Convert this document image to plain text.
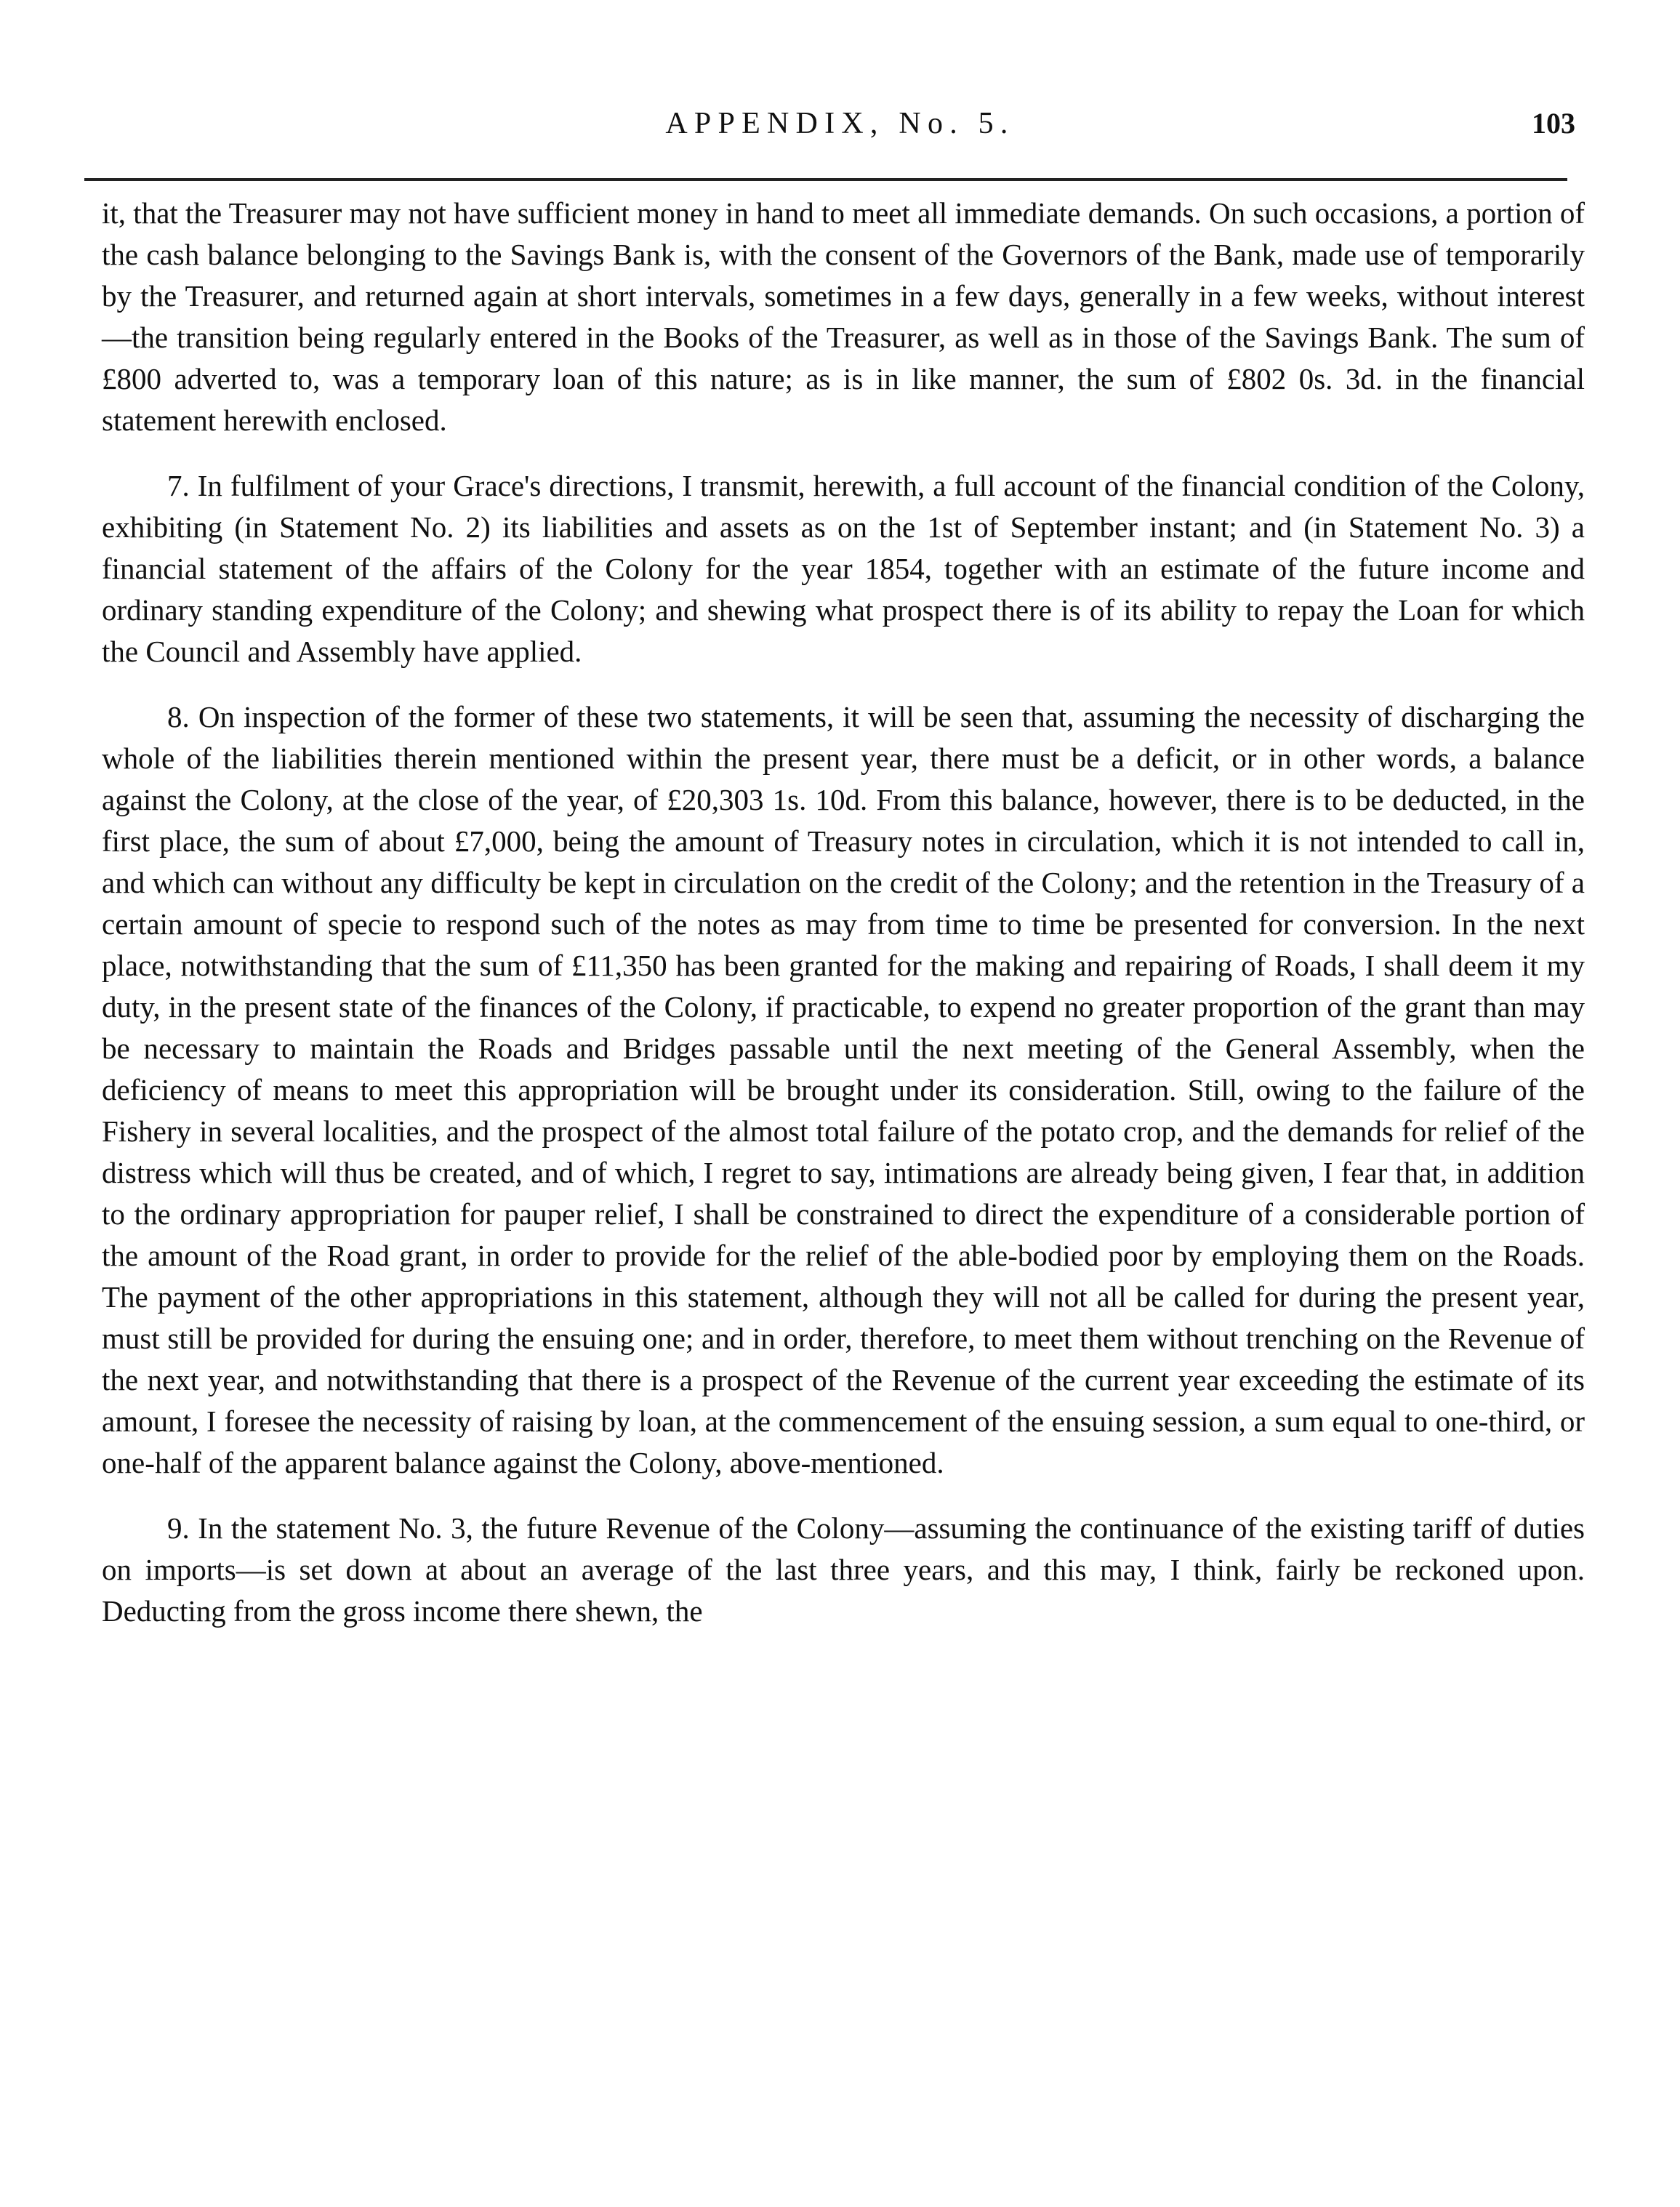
APPENDIX, No. 5.	103

it, that the Treasurer may not have sufficient money in hand to meet all immediate demands. On such occasions, a portion of the cash balance belonging to the Savings Bank is, with the consent of the Governors of the Bank, made use of temporarily by the Treasurer, and returned again at short intervals, sometimes in a few days, generally in a few weeks, without interest—the transition being regularly entered in the Books of the Treasurer, as well as in those of the Savings Bank. The sum of £800 adverted to, was a temporary loan of this nature; as is in like manner, the sum of £802 0s. 3d. in the financial statement herewith enclosed.

7. In fulfilment of your Grace's directions, I transmit, herewith, a full account of the financial condition of the Colony, exhibiting (in Statement No. 2) its liabilities and assets as on the 1st of September instant; and (in Statement No. 3) a financial statement of the affairs of the Colony for the year 1854, together with an estimate of the future income and ordinary standing expenditure of the Colony; and shewing what prospect there is of its ability to repay the Loan for which the Council and Assembly have applied.

8. On inspection of the former of these two statements, it will be seen that, assuming the necessity of discharging the whole of the liabilities therein mentioned within the present year, there must be a deficit, or in other words, a balance against the Colony, at the close of the year, of £20,303 1s. 10d. From this balance, however, there is to be deducted, in the first place, the sum of about £7,000, being the amount of Treasury notes in circulation, which it is not intended to call in, and which can without any difficulty be kept in circulation on the credit of the Colony; and the retention in the Treasury of a certain amount of specie to respond such of the notes as may from time to time be presented for conversion. In the next place, notwithstanding that the sum of £11,350 has been granted for the making and repairing of Roads, I shall deem it my duty, in the present state of the finances of the Colony, if practicable, to expend no greater proportion of the grant than may be necessary to maintain the Roads and Bridges passable until the next meeting of the General Assembly, when the deficiency of means to meet this appropriation will be brought under its consideration. Still, owing to the failure of the Fishery in several localities, and the prospect of the almost total failure of the potato crop, and the demands for relief of the distress which will thus be created, and of which, I regret to say, intimations are already being given, I fear that, in addition to the ordinary appropriation for pauper relief, I shall be constrained to direct the expenditure of a considerable portion of the amount of the Road grant, in order to provide for the relief of the able-bodied poor by employing them on the Roads. The payment of the other appropriations in this statement, although they will not all be called for during the present year, must still be provided for during the ensuing one; and in order, therefore, to meet them without trenching on the Revenue of the next year, and notwithstanding that there is a prospect of the Revenue of the current year exceeding the estimate of its amount, I foresee the necessity of raising by loan, at the commencement of the ensuing session, a sum equal to one-third, or one-half of the apparent balance against the Colony, above-mentioned.

9. In the statement No. 3, the future Revenue of the Colony—assuming the continuance of the existing tariff of duties on imports—is set down at about an average of the last three years, and this may, I think, fairly be reckoned upon. Deducting from the gross income there shewn, the
